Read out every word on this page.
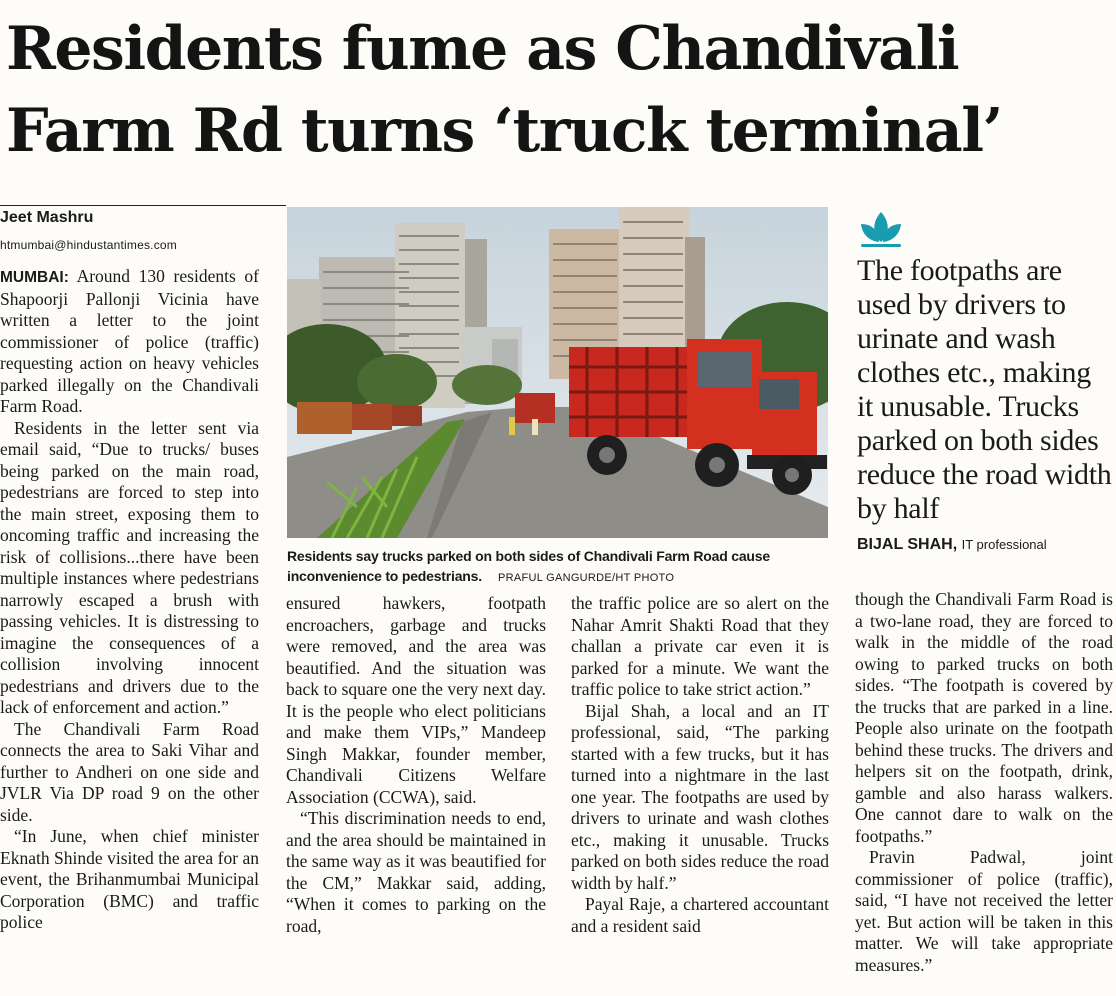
Residents fume as Chandivali Farm Rd turns ‘truck terminal’
Jeet Mashru
htmumbai@hindustantimes.com

MUMBAI: Around 130 residents of Shapoorji Pallonji Vicinia have written a letter to the joint commissioner of police (traffic) requesting action on heavy vehicles parked illegally on the Chandivali Farm Road.

Residents in the letter sent via email said, “Due to trucks/ buses being parked on the main road, pedestrians are forced to step into the main street, exposing them to oncoming traffic and increasing the risk of collisions...there have been multiple instances where pedestrians narrowly escaped a brush with passing vehicles. It is distressing to imagine the consequences of a collision involving innocent pedestrians and drivers due to the lack of enforcement and action.”

The Chandivali Farm Road connects the area to Saki Vihar and further to Andheri on one side and JVLR Via DP road 9 on the other side.

“In June, when chief minister Eknath Shinde visited the area for an event, the Brihanmumbai Municipal Corporation (BMC) and traffic police

ensured hawkers, footpath encroachers, garbage and trucks were removed, and the area was beautified. And the situation was back to square one the very next day. It is the people who elect politicians and make them VIPs,” Mandeep Singh Makkar, founder member, Chandivali Citizens Welfare Association (CCWA), said.

“This discrimination needs to end, and the area should be maintained in the same way as it was beautified for the CM,” Makkar said, adding, “When it comes to parking on the road,

the traffic police are so alert on the Nahar Amrit Shakti Road that they challan a private car even it is parked for a minute. We want the traffic police to take strict action.”

Bijal Shah, a local and an IT professional, said, “The parking started with a few trucks, but it has turned into a nightmare in the last one year. The footpaths are used by drivers to urinate and wash clothes etc., making it unusable. Trucks parked on both sides reduce the road width by half.”

Payal Raje, a chartered accountant and a resident said

though the Chandivali Farm Road is a two-lane road, they are forced to walk in the middle of the road owing to parked trucks on both sides. “The footpath is covered by the trucks that are parked in a line. People also urinate on the footpath behind these trucks. The drivers and helpers sit on the footpath, drink, gamble and also harass walkers. One cannot dare to walk on the footpaths.”

Pravin Padwal, joint commissioner of police (traffic), said, “I have not received the letter yet. But action will be taken in this matter. We will take appropriate measures.”

Residents say trucks parked on both sides of Chandivali Farm Road cause inconvenience to pedestrians. PRAFUL GANGURDE/HT PHOTO

The footpaths are used by drivers to urinate and wash clothes etc., making it unusable. Trucks parked on both sides reduce the road width by half

BIJAL SHAH, IT professional
